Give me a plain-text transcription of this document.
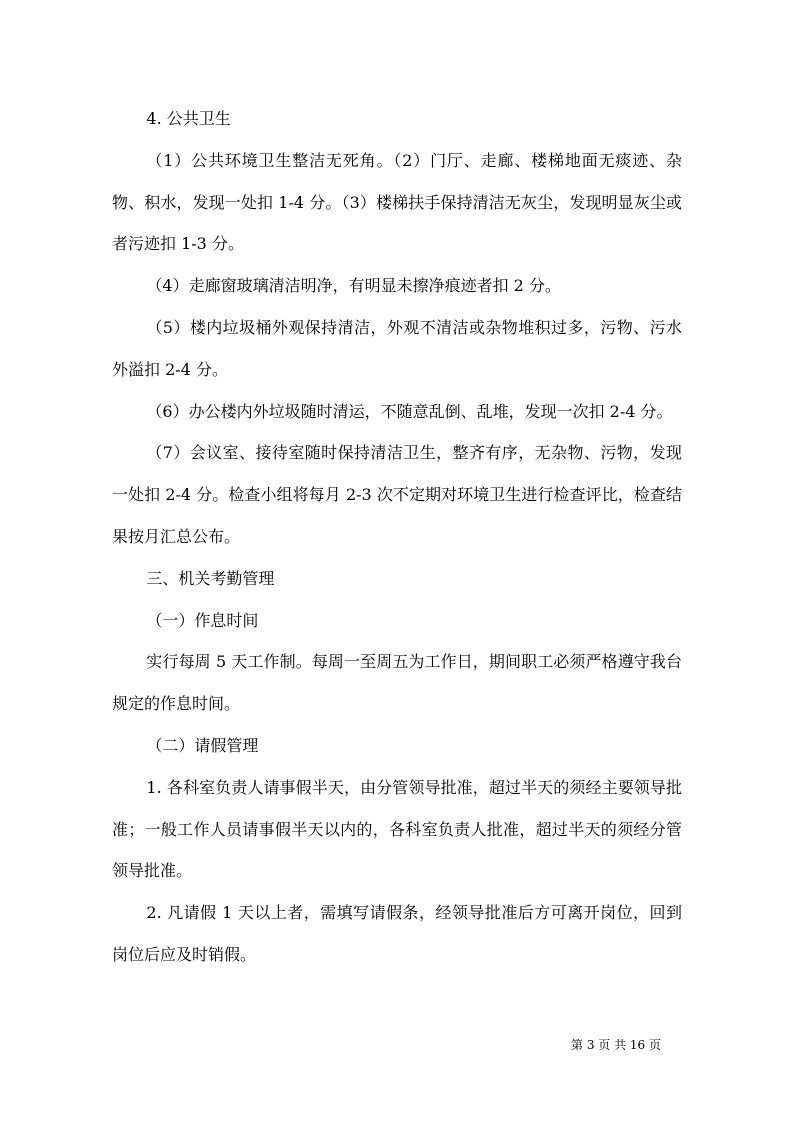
4. 公共卫生

（1）公共环境卫生整洁无死角。（2）门厅、走廊、楼梯地面无痰迹、杂物、积水，发现一处扣 1-4 分。（3）楼梯扶手保持清洁无灰尘，发现明显灰尘或者污迹扣 1-3 分。

（4）走廊窗玻璃清洁明净，有明显未擦净痕迹者扣 2 分。

（5）楼内垃圾桶外观保持清洁，外观不清洁或杂物堆积过多，污物、污水外溢扣 2-4 分。

（6）办公楼内外垃圾随时清运，不随意乱倒、乱堆，发现一次扣 2-4 分。

（7）会议室、接待室随时保持清洁卫生，整齐有序，无杂物、污物，发现一处扣 2-4 分。检查小组将每月 2-3 次不定期对环境卫生进行检查评比，检查结果按月汇总公布。

三、机关考勤管理

（一）作息时间

实行每周 5 天工作制。每周一至周五为工作日，期间职工必须严格遵守我台规定的作息时间。

（二）请假管理

1. 各科室负责人请事假半天，由分管领导批准，超过半天的须经主要领导批准；一般工作人员请事假半天以内的，各科室负责人批准，超过半天的须经分管领导批准。

2. 凡请假 1 天以上者，需填写请假条，经领导批准后方可离开岗位，回到岗位后应及时销假。

第 3 页 共 16 页
